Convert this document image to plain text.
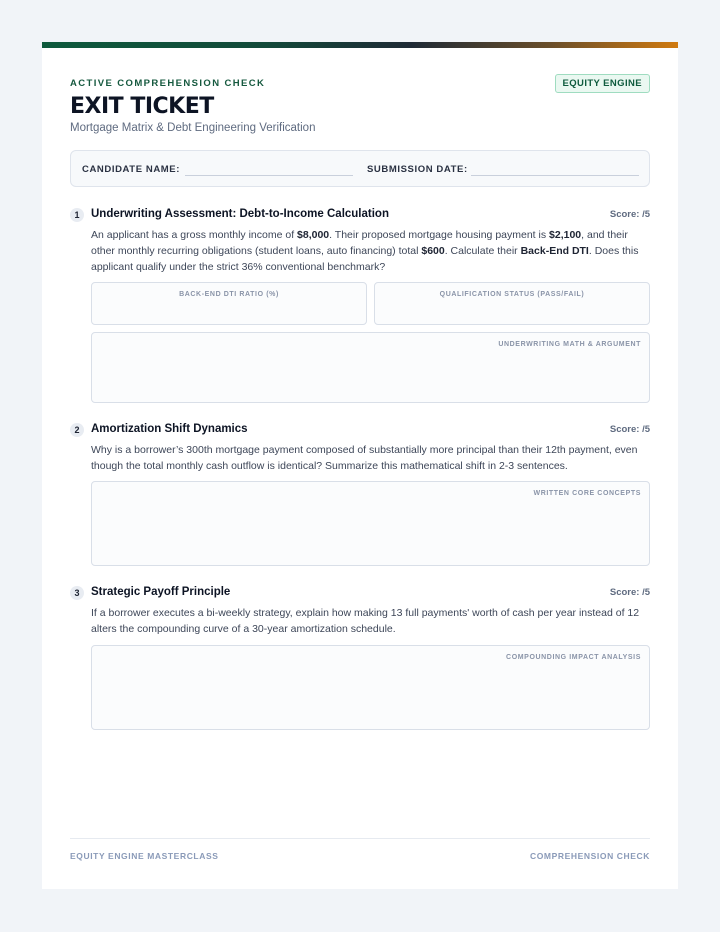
ACTIVE COMPREHENSION CHECK	EQUITY ENGINE
EXIT TICKET
Mortgage Matrix & Debt Engineering Verification
CANDIDATE NAME:	SUBMISSION DATE:
1	Underwriting Assessment: Debt-to-Income Calculation	Score: /5
An applicant has a gross monthly income of $8,000. Their proposed mortgage housing payment is $2,100, and their other monthly recurring obligations (student loans, auto financing) total $600. Calculate their Back-End DTI. Does this applicant qualify under the strict 36% conventional benchmark?
BACK-END DTI RATIO (%)	QUALIFICATION STATUS (PASS/FAIL)
UNDERWRITING MATH & ARGUMENT
2	Amortization Shift Dynamics	Score: /5
Why is a borrower’s 300th mortgage payment composed of substantially more principal than their 12th payment, even though the total monthly cash outflow is identical? Summarize this mathematical shift in 2-3 sentences.
WRITTEN CORE CONCEPTS
3	Strategic Payoff Principle	Score: /5
If a borrower executes a bi-weekly strategy, explain how making 13 full payments' worth of cash per year instead of 12 alters the compounding curve of a 30-year amortization schedule.
COMPOUNDING IMPACT ANALYSIS
EQUITY ENGINE MASTERCLASS	COMPREHENSION CHECK
